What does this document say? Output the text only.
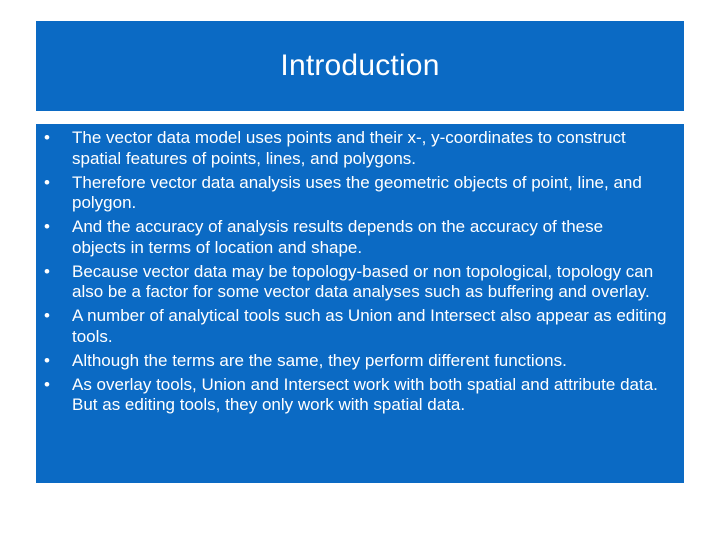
Introduction
• The vector data model uses points and their x-, y-coordinates to construct spatial features of points, lines, and polygons.
• Therefore vector data analysis uses the geometric objects of point, line, and polygon.
• And the accuracy of analysis results depends on the accuracy of these
objects in terms of location and shape.
• Because vector data may be topology-based or non topological, topology can also be a factor for some vector data analyses such as buffering and overlay.
• A number of analytical tools such as Union and Intersect also appear as editing tools.
• Although the terms are the same, they perform different functions.
• As overlay tools, Union and Intersect work with both spatial and attribute data. But as editing tools, they only work with spatial data.
